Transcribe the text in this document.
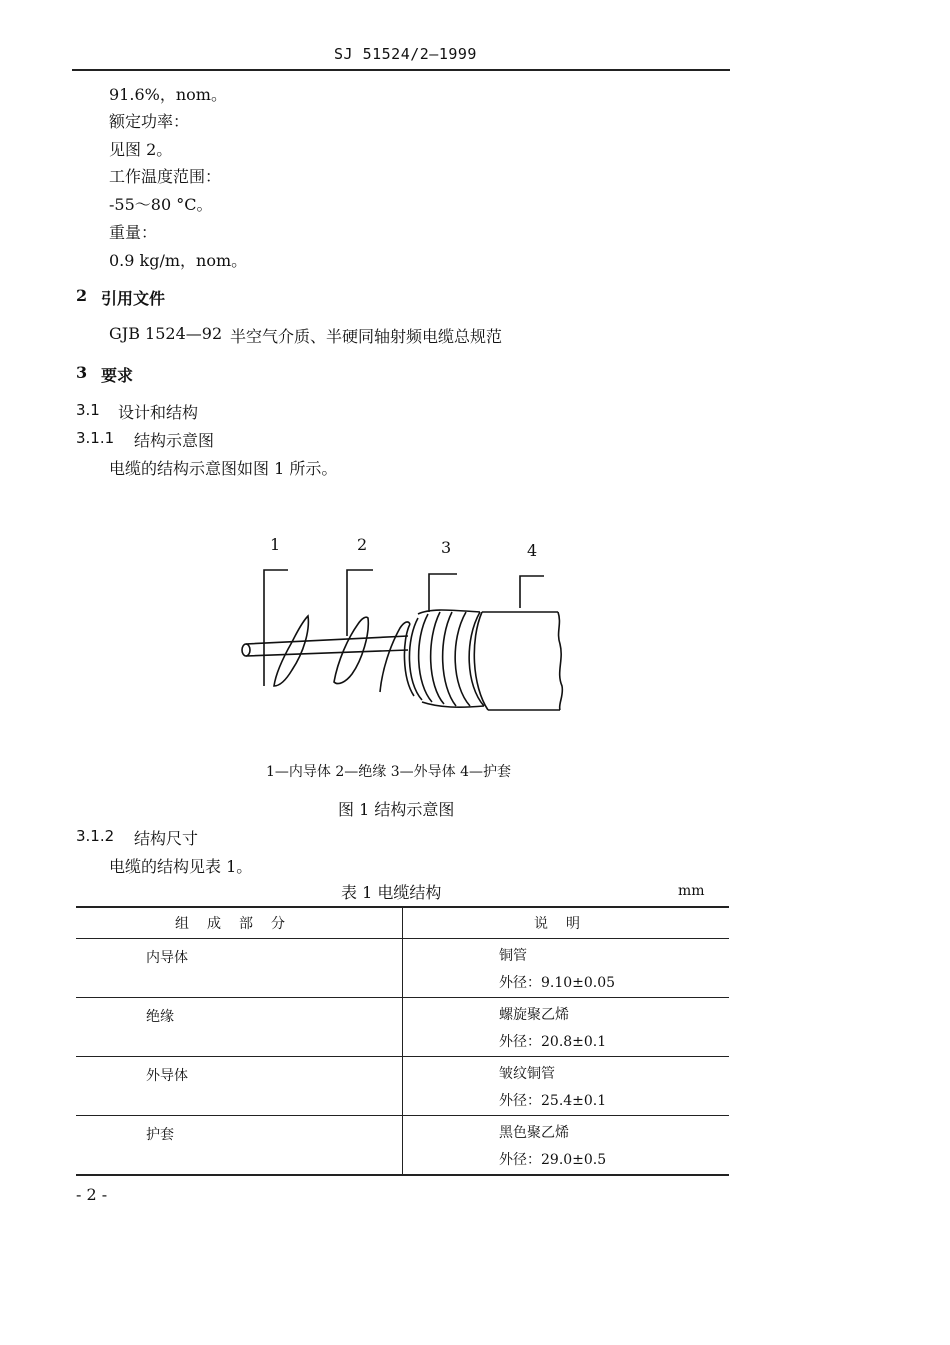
SJ 51524/2—1999
91.6%，nom。
额定功率：
见图 2。
工作温度范围：
-55～80 °C。
重量：
0.9 kg/m，nom。
2 引用文件
GJB 1524—92 半空气介质、半硬同轴射频电缆总规范
3 要求
3.1 设计和结构
3.1.1 结构示意图
电缆的结构示意图如图 1 所示。
1	2	3	4
1—内导体 2—绝缘 3—外导体 4—护套
图 1 结构示意图
3.1.2 结构尺寸
电缆的结构见表 1。
表 1 电缆结构	mm
组成部分	说明

内导体	铜管
外径：9.10±0.05

绝缘	螺旋聚乙烯
外径：20.8±0.1

外导体	皱纹铜管
外径：25.4±0.1

护套	黑色聚乙烯
外径：29.0±0.5
- 2 -
